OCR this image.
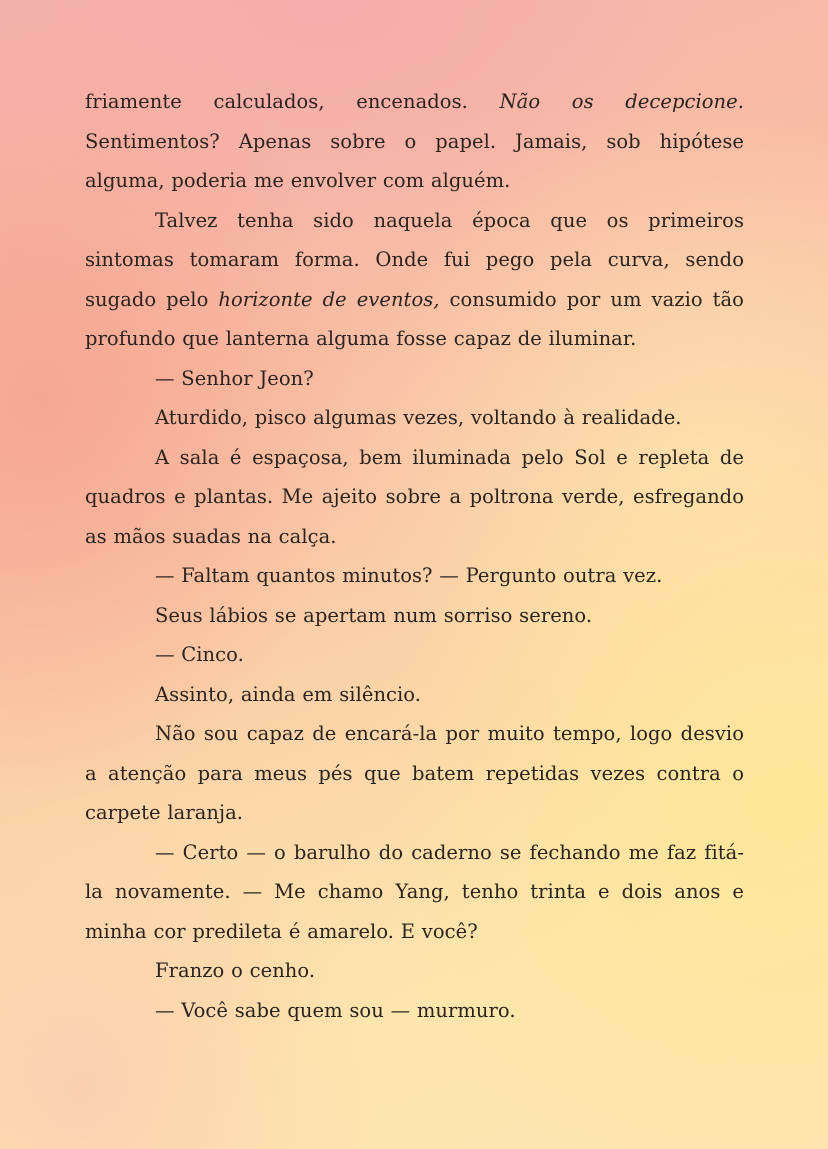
friamente calculados, encenados. Não os decepcione. Sentimentos? Apenas sobre o papel. Jamais, sob hipótese alguma, poderia me envolver com alguém.

Talvez tenha sido naquela época que os primeiros sintomas tomaram forma. Onde fui pego pela curva, sendo sugado pelo horizonte de eventos, consumido por um vazio tão profundo que lanterna alguma fosse capaz de iluminar.

— Senhor Jeon?

Aturdido, pisco algumas vezes, voltando à realidade.

A sala é espaçosa, bem iluminada pelo Sol e repleta de quadros e plantas. Me ajeito sobre a poltrona verde, esfregando as mãos suadas na calça.

— Faltam quantos minutos? — Pergunto outra vez.

Seus lábios se apertam num sorriso sereno.

— Cinco.

Assinto, ainda em silêncio.

Não sou capaz de encará-la por muito tempo, logo desvio a atenção para meus pés que batem repetidas vezes contra o carpete laranja.

— Certo — o barulho do caderno se fechando me faz fitá-la novamente. — Me chamo Yang, tenho trinta e dois anos e minha cor predileta é amarelo. E você?

Franzo o cenho.

— Você sabe quem sou — murmuro.
